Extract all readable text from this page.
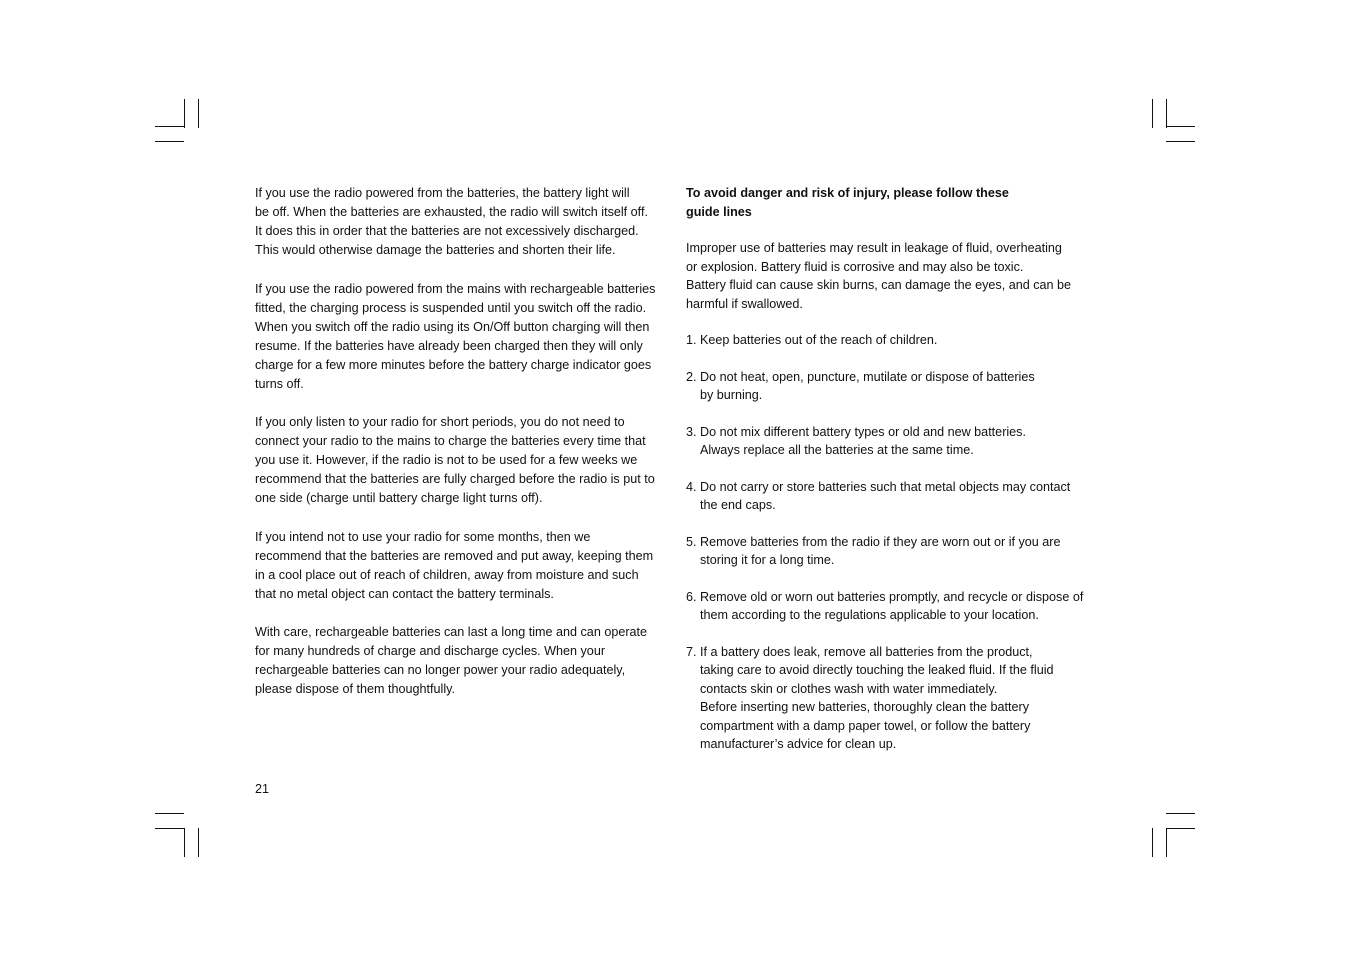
If you use the radio powered from the batteries, the battery light will
be off. When the batteries are exhausted, the radio will switch itself off.
It does this in order that the batteries are not excessively discharged.
This would otherwise damage the batteries and shorten their life.
If you use the radio powered from the mains with rechargeable batteries
fitted, the charging process is suspended until you switch off the radio.
When you switch off the radio using its On/Off button charging will then
resume. If the batteries have already been charged then they will only
charge for a few more minutes before the battery charge indicator goes
turns off.
If you only listen to your radio for short periods, you do not need to
connect your radio to the mains to charge the batteries every time that
you use it. However, if the radio is not to be used for a few weeks we
recommend that the batteries are fully charged before the radio is put to
one side (charge until battery charge light turns off).
If you intend not to use your radio for some months, then we
recommend that the batteries are removed and put away, keeping them
in a cool place out of reach of children, away from moisture and such
that no metal object can contact the battery terminals.
With care, rechargeable batteries can last a long time and can operate
for many hundreds of charge and discharge cycles. When your
rechargeable batteries can no longer power your radio adequately,
please dispose of them thoughtfully.
To avoid danger and risk of injury, please follow these
guide lines
Improper use of batteries may result in leakage of fluid, overheating
or explosion. Battery fluid is corrosive and may also be toxic.
Battery fluid can cause skin burns, can damage the eyes, and can be
harmful if swallowed.
1. Keep batteries out of the reach of children.
2. Do not heat, open, puncture, mutilate or dispose of batteries
by burning.
3. Do not mix different battery types or old and new batteries.
Always replace all the batteries at the same time.
4. Do not carry or store batteries such that metal objects may contact
the end caps.
5. Remove batteries from the radio if they are worn out or if you are
storing it for a long time.
6. Remove old or worn out batteries promptly, and recycle or dispose of
them according to the regulations applicable to your location.
7. If a battery does leak, remove all batteries from the product,
taking care to avoid directly touching the leaked fluid. If the fluid
contacts skin or clothes wash with water immediately.
Before inserting new batteries, thoroughly clean the battery
compartment with a damp paper towel, or follow the battery
manufacturer’s advice for clean up.
21
